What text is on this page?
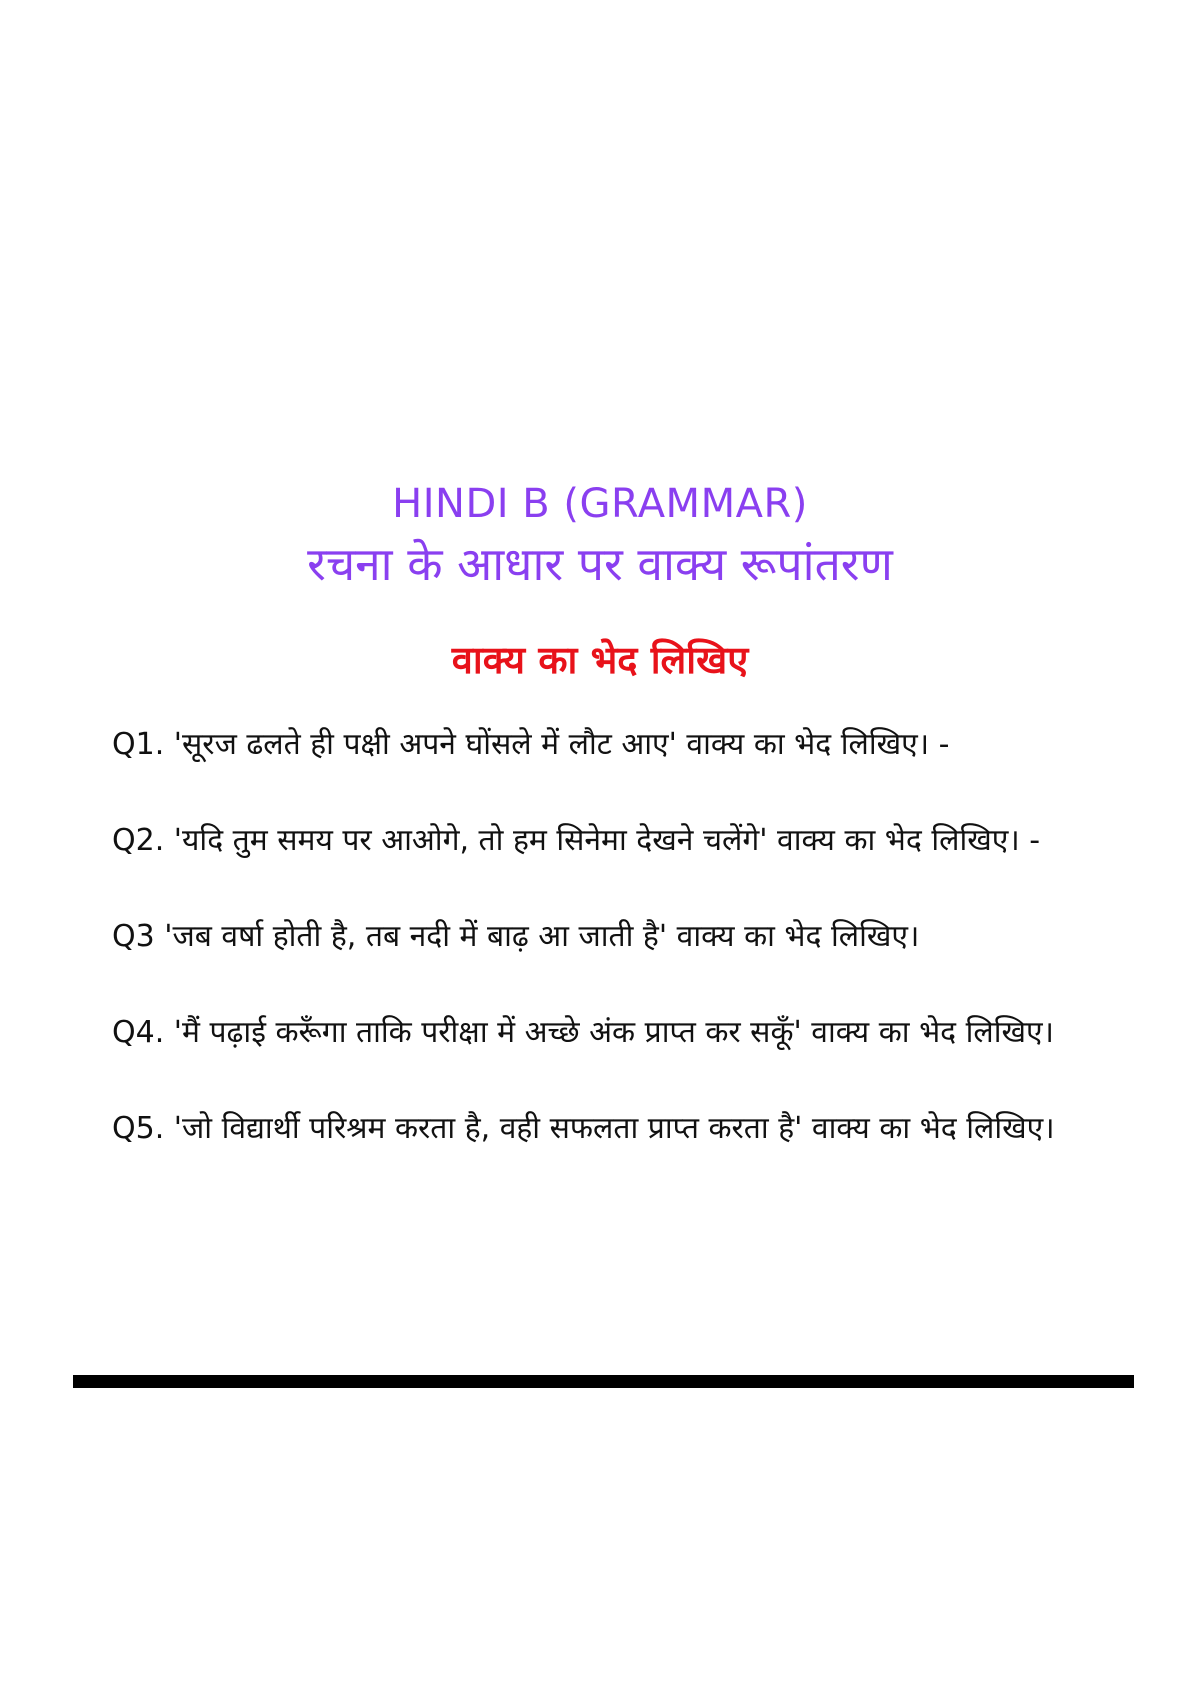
HINDI B (GRAMMAR)
रचना के आधार पर वाक्य रूपांतरण
वाक्य का भेद लिखिए
Q1. 'सूरज ढलते ही पक्षी अपने घोंसले में लौट आए' वाक्य का भेद लिखिए। -
Q2. 'यदि तुम समय पर आओगे, तो हम सिनेमा देखने चलेंगे' वाक्य का भेद लिखिए। -
Q3 'जब वर्षा होती है, तब नदी में बाढ़ आ जाती है' वाक्य का भेद लिखिए।
Q4. 'मैं पढ़ाई करूँगा ताकि परीक्षा में अच्छे अंक प्राप्त कर सकूँ' वाक्य का भेद लिखिए।
Q5. 'जो विद्यार्थी परिश्रम करता है, वही सफलता प्राप्त करता है' वाक्य का भेद लिखिए।
